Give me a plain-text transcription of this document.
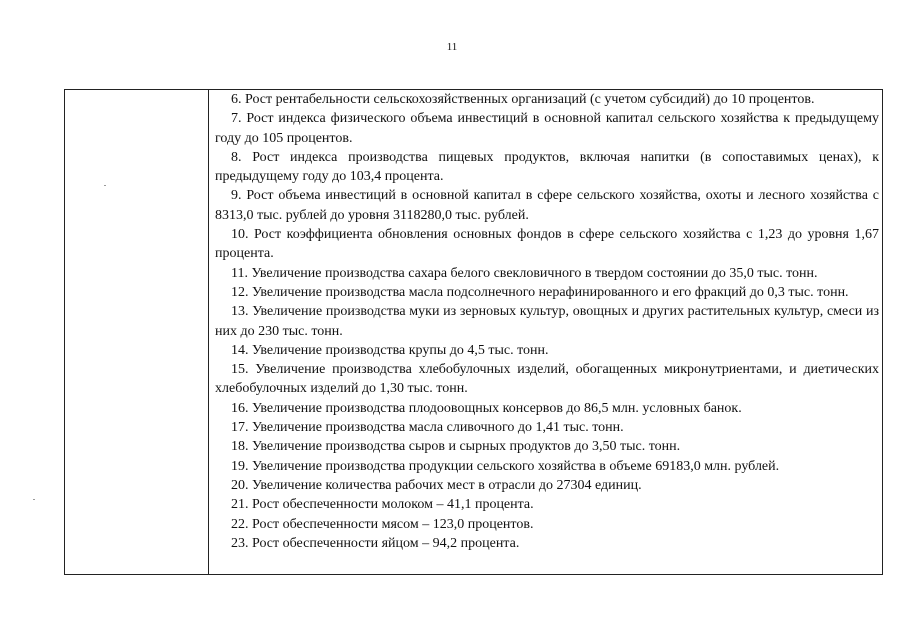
11

6. Рост рентабельности сельскохозяйственных организаций (с учетом субсидий) до 10 процентов.

7. Рост индекса физического объема инвестиций в основной капитал сельского хозяйства к предыдущему году до 105 процентов.

8. Рост индекса производства пищевых продуктов, включая напитки (в сопоставимых ценах), к предыдущему году до 103,4 процента.

9. Рост объема инвестиций в основной капитал в сфере сельского хозяйства, охоты и лесного хозяйства с 8313,0 тыс. рублей до уровня 3118280,0 тыс. рублей.

10. Рост коэффициента обновления основных фондов в сфере сельского хозяйства с 1,23 до уровня 1,67 процента.

11. Увеличение производства сахара белого свекловичного в твердом состоянии до 35,0 тыс. тонн.

12. Увеличение производства масла подсолнечного нерафинированного и его фракций до 0,3 тыс. тонн.

13. Увеличение производства муки из зерновых культур, овощных и других растительных культур, смеси из них до 230 тыс. тонн.

14. Увеличение производства крупы до 4,5 тыс. тонн.

15. Увеличение производства хлебобулочных изделий, обогащенных микронутриентами, и диетических хлебобулочных изделий до 1,30 тыс. тонн.

16. Увеличение производства плодоовощных консервов до 86,5 млн. условных банок.

17. Увеличение производства масла сливочного до 1,41 тыс. тонн.

18. Увеличение производства сыров и сырных продуктов до 3,50 тыс. тонн.

19. Увеличение производства продукции сельского хозяйства в объеме 69183,0 млн. рублей.

20. Увеличение количества рабочих мест в отрасли до 27304 единиц.

21. Рост обеспеченности молоком – 41,1 процента.

22. Рост обеспеченности мясом – 123,0 процентов.

23. Рост обеспеченности яйцом – 94,2 процента.
